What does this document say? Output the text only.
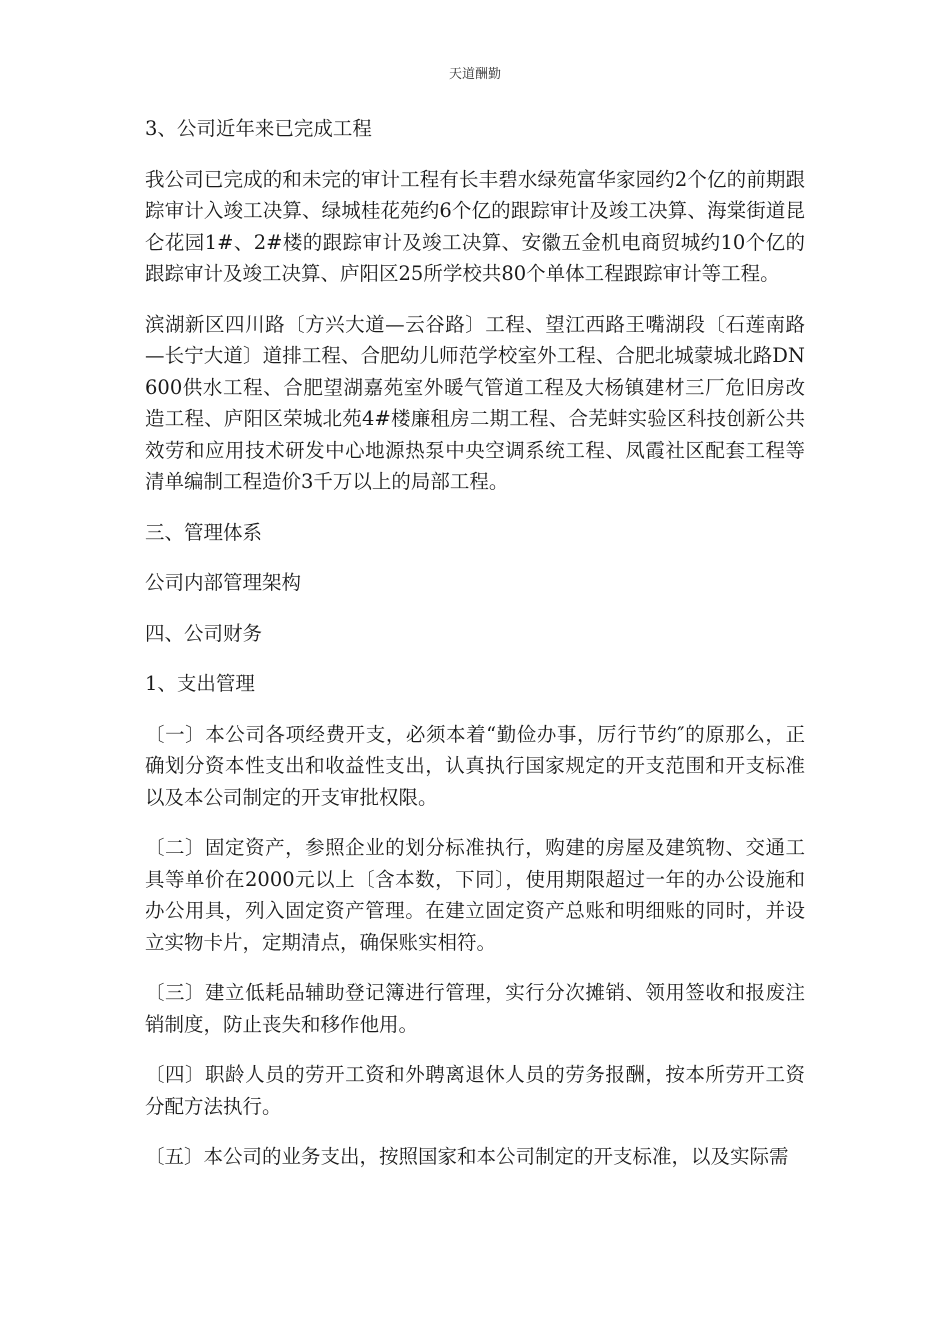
天道酬勤

3、公司近年来已完成工程

我公司已完成的和未完的审计工程有长丰碧水绿苑富华家园约2个亿的前期跟踪审计入竣工决算、绿城桂花苑约6个亿的跟踪审计及竣工决算、海棠街道昆仑花园1#、2#楼的跟踪审计及竣工决算、安徽五金机电商贸城约10个亿的跟踪审计及竣工决算、庐阳区25所学校共80个单体工程跟踪审计等工程。

滨湖新区四川路〔方兴大道—云谷路〕工程、望江西路王嘴湖段〔石莲南路—长宁大道〕道排工程、合肥幼儿师范学校室外工程、合肥北城蒙城北路DN600供水工程、合肥望湖嘉苑室外暖气管道工程及大杨镇建材三厂危旧房改造工程、庐阳区荣城北苑4#楼廉租房二期工程、合芜蚌实验区科技创新公共效劳和应用技术研发中心地源热泵中央空调系统工程、凤霞社区配套工程等清单编制工程造价3千万以上的局部工程。

三、管理体系

公司内部管理架构

四、公司财务

1、支出管理

〔一〕本公司各项经费开支，必须本着“勤俭办事，厉行节约″的原那么，正确划分资本性支出和收益性支出，认真执行国家规定的开支范围和开支标准以及本公司制定的开支审批权限。

〔二〕固定资产，参照企业的划分标准执行，购建的房屋及建筑物、交通工具等单价在2000元以上〔含本数，下同〕，使用期限超过一年的办公设施和办公用具，列入固定资产管理。在建立固定资产总账和明细账的同时，并设立实物卡片，定期清点，确保账实相符。

〔三〕建立低耗品辅助登记簿进行管理，实行分次摊销、领用签收和报废注销制度，防止丧失和移作他用。

〔四〕职龄人员的劳开工资和外聘离退休人员的劳务报酬，按本所劳开工资分配方法执行。

〔五〕本公司的业务支出，按照国家和本公司制定的开支标准，以及实际需
